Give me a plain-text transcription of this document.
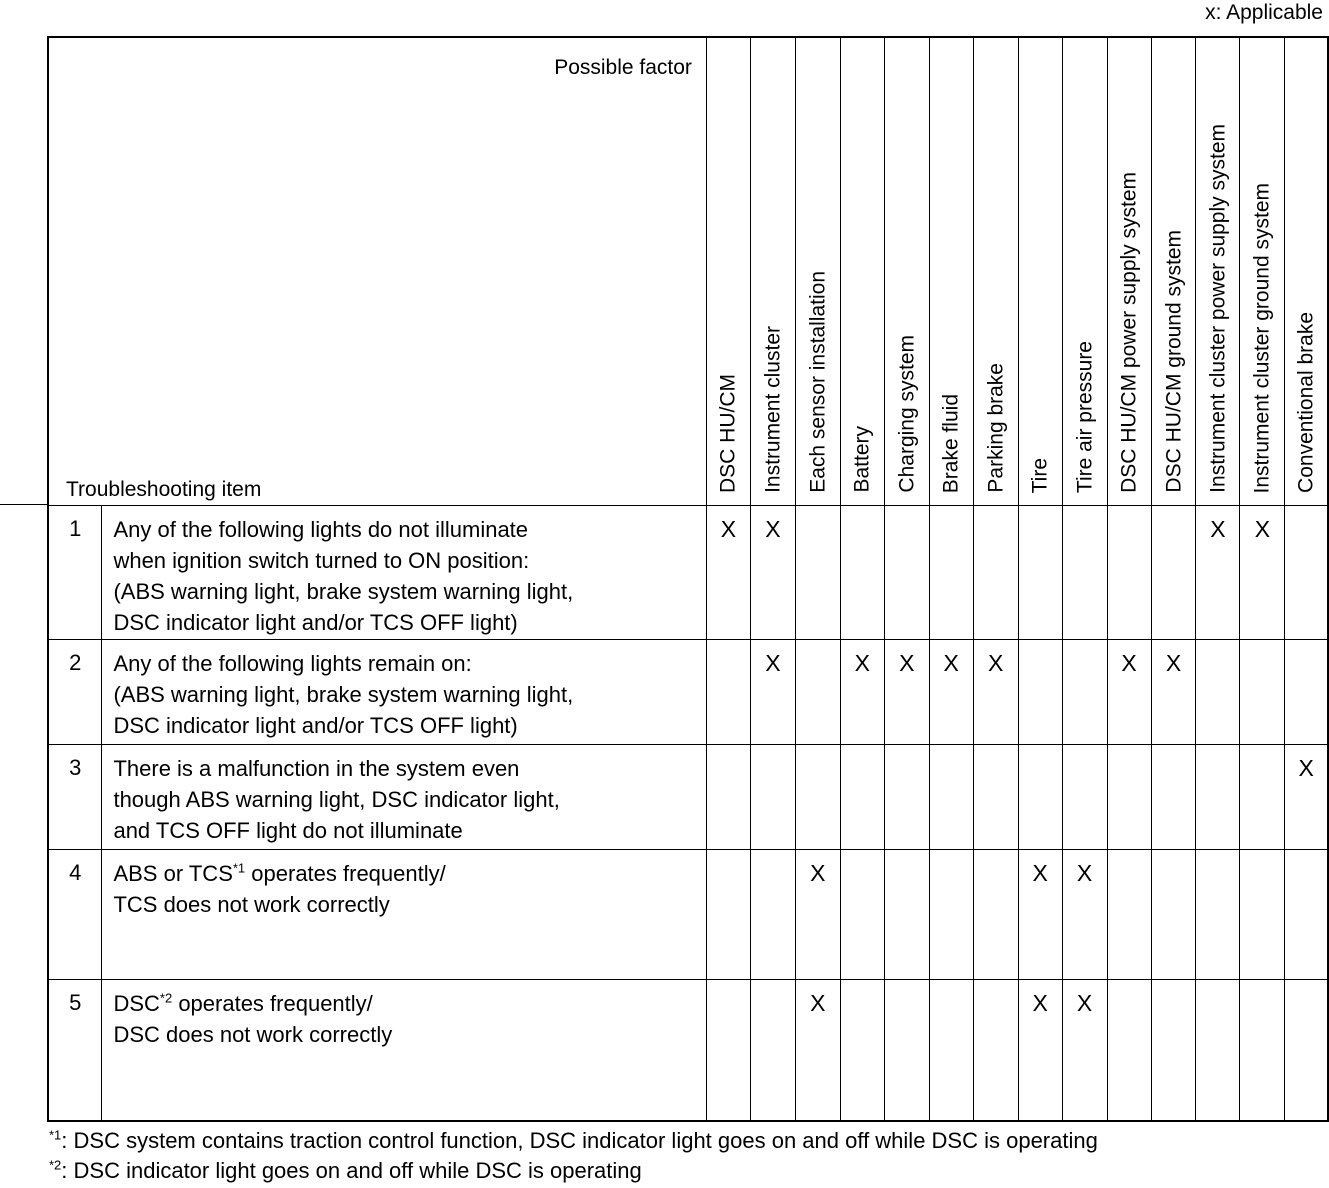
x: Applicable
Possible factor
Troubleshooting item		DSC HU/CM	Instrument cluster	Each sensor installation	Battery	Charging system	Brake fluid	Parking brake	Tire	Tire air pressure	DSC HU/CM power supply system	DSC HU/CM ground system	Instrument cluster power supply system	Instrument cluster ground system	Conventional brake

1	Any of the following lights do not illuminate
when ignition switch turned to ON position:
(ABS warning light, brake system warning light,
DSC indicator light and/or TCS OFF light)	X	X										X	X	
2	Any of the following lights remain on:
(ABS warning light, brake system warning light,
DSC indicator light and/or TCS OFF light)		X		X	X	X	X			X	X			
3	There is a malfunction in the system even
though ABS warning light, DSC indicator light,
and TCS OFF light do not illuminate														X
4	ABS or TCS$^{*1}$ operates frequently/
TCS does not work correctly			X					X	X					
5	DSC$^{*2}$ operates frequently/
DSC does not work correctly			X					X	X					
$^{*1}$: DSC system contains traction control function, DSC indicator light goes on and off while DSC is operating
$^{*2}$: DSC indicator light goes on and off while DSC is operating
